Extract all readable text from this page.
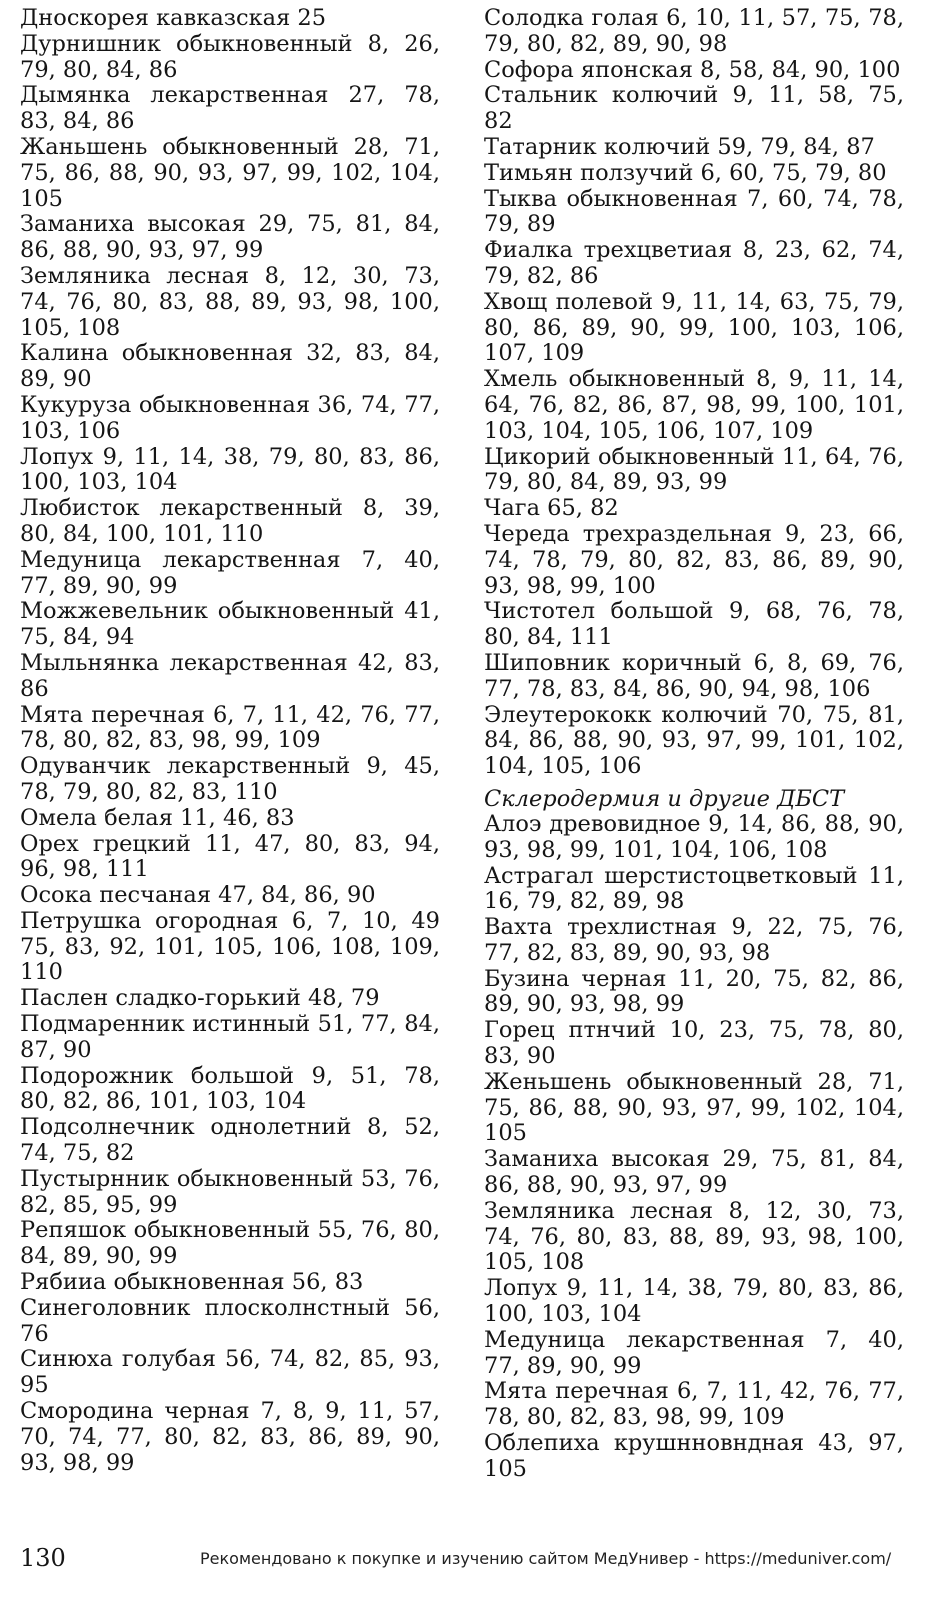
Дноскорея кавказская 25

Дурнишник обыкновенный 8, 26, 79, 80, 84, 86

Дымянка лекарственная 27, 78, 83, 84, 86

Жаньшень обыкновенный 28, 71, 75, 86, 88, 90, 93, 97, 99, 102, 104, 105

Заманиха высокая 29, 75, 81, 84, 86, 88, 90, 93, 97, 99

Земляника лесная 8, 12, 30, 73, 74, 76, 80, 83, 88, 89, 93, 98, 100, 105, 108

Калина обыкновенная 32, 83, 84, 89, 90

Кукуруза обыкновенная 36, 74, 77, 103, 106

Лопух 9, 11, 14, 38, 79, 80, 83, 86, 100, 103, 104

Любисток лекарственный 8, 39, 80, 84, 100, 101, 110

Медуница лекарственная 7, 40, 77, 89, 90, 99

Можжевельник обыкновенный 41, 75, 84, 94

Мыльнянка лекарственная 42, 83, 86

Мята перечная 6, 7, 11, 42, 76, 77, 78, 80, 82, 83, 98, 99, 109

Одуванчик лекарственный 9, 45, 78, 79, 80, 82, 83, 110

Омела белая 11, 46, 83

Орех грецкий 11, 47, 80, 83, 94, 96, 98, 111

Осока песчаная 47, 84, 86, 90

Петрушка огородная 6, 7, 10, 49 75, 83, 92, 101, 105, 106, 108, 109, 110

Паслен сладко-горький 48, 79

Подмаренник истинный 51, 77, 84, 87, 90

Подорожник большой 9, 51, 78, 80, 82, 86, 101, 103, 104

Подсолнечник однолетний 8, 52, 74, 75, 82

Пустырнник обыкновенный 53, 76, 82, 85, 95, 99

Репяшок обыкновенный 55, 76, 80, 84, 89, 90, 99

Рябииа обыкновенная 56, 83

Синеголовник плосколнстный 56, 76

Синюха голубая 56, 74, 82, 85, 93, 95

Смородина черная 7, 8, 9, 11, 57, 70, 74, 77, 80, 82, 83, 86, 89, 90, 93, 98, 99

Солодка голая 6, 10, 11, 57, 75, 78, 79, 80, 82, 89, 90, 98

Софора японская 8, 58, 84, 90, 100

Стальник колючий 9, 11, 58, 75, 82

Татарник колючий 59, 79, 84, 87

Тимьян ползучий 6, 60, 75, 79, 80

Тыква обыкновенная 7, 60, 74, 78, 79, 89

Фиалка трехцветиая 8, 23, 62, 74, 79, 82, 86

Хвощ полевой 9, 11, 14, 63, 75, 79, 80, 86, 89, 90, 99, 100, 103, 106, 107, 109

Хмель обыкновенный 8, 9, 11, 14, 64, 76, 82, 86, 87, 98, 99, 100, 101, 103, 104, 105, 106, 107, 109

Цикорий обыкновенный 11, 64, 76, 79, 80, 84, 89, 93, 99

Чага 65, 82

Череда трехраздельная 9, 23, 66, 74, 78, 79, 80, 82, 83, 86, 89, 90, 93, 98, 99, 100

Чистотел большой 9, 68, 76, 78, 80, 84, 111

Шиповник коричный 6, 8, 69, 76, 77, 78, 83, 84, 86, 90, 94, 98, 106

Элеутерококк колючий 70, 75, 81, 84, 86, 88, 90, 93, 97, 99, 101, 102, 104, 105, 106

Склеродермия и другие ДБСТ

Алоэ древовидное 9, 14, 86, 88, 90, 93, 98, 99, 101, 104, 106, 108

Астрагал шерстистоцветковый 11, 16, 79, 82, 89, 98

Вахта трехлистная 9, 22, 75, 76, 77, 82, 83, 89, 90, 93, 98

Бузина черная 11, 20, 75, 82, 86, 89, 90, 93, 98, 99

Горец птнчий 10, 23, 75, 78, 80, 83, 90

Женьшень обыкновенный 28, 71, 75, 86, 88, 90, 93, 97, 99, 102, 104, 105

Заманиха высокая 29, 75, 81, 84, 86, 88, 90, 93, 97, 99

Земляника лесная 8, 12, 30, 73, 74, 76, 80, 83, 88, 89, 93, 98, 100, 105, 108

Лопух 9, 11, 14, 38, 79, 80, 83, 86, 100, 103, 104

Медуница лекарственная 7, 40, 77, 89, 90, 99

Мята перечная 6, 7, 11, 42, 76, 77, 78, 80, 82, 83, 98, 99, 109

Облепиха крушнновндная 43, 97, 105

130	Рекомендовано к покупке и изучению сайтом МедУнивер - https://meduniver.com/
